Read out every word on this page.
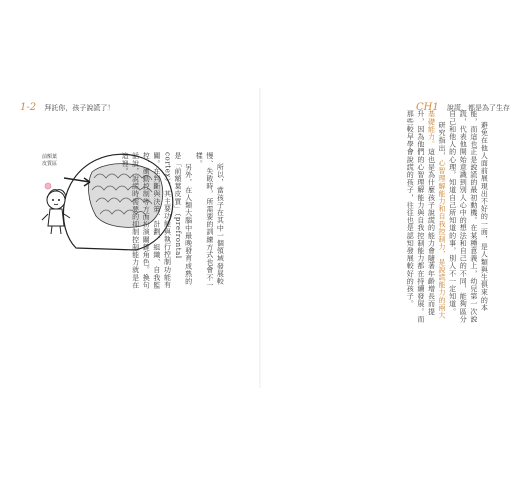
1-2 拜託你，孩子說謊了！	CH1 說謊，都是為了生存
前額葉
皮質區	所以，當孩子在其中一個領域發展較慢、失敗時，所需要的訓練方式也會不一樣。
另外，在人類大腦中最晚發育成熟的是「前額葉皮質」（prefrontal cortex），其主要功能與執行控制功能有關。在判斷與決策、計劃、組織、自我監控、衝動控制等方面扮演關鍵角色。換句話說，說謊時需要的抑制控制能力就是在這裡。
	避免在他人面前展現出不好的一面，是人類與生俱來的本能，而這也正是說謊的最初動機。在某種意義上，幼兒第一次說謊，代表他開始意識到別人心中的想法和自己的不同，能夠區分自己和他人的心理，知道自己所知道的事，別人不一定知道。
研究指出，心智理解能力和自我控制力，是說謊能力的兩大基礎能力。這也是為什麼孩子說謊的能力會隨著年齡增長而提升，因為他們的心智理解能力與自我控制能力都在持續發展。而那些較早學會說謊的孩子，往往也是認知發展較好的孩子。
